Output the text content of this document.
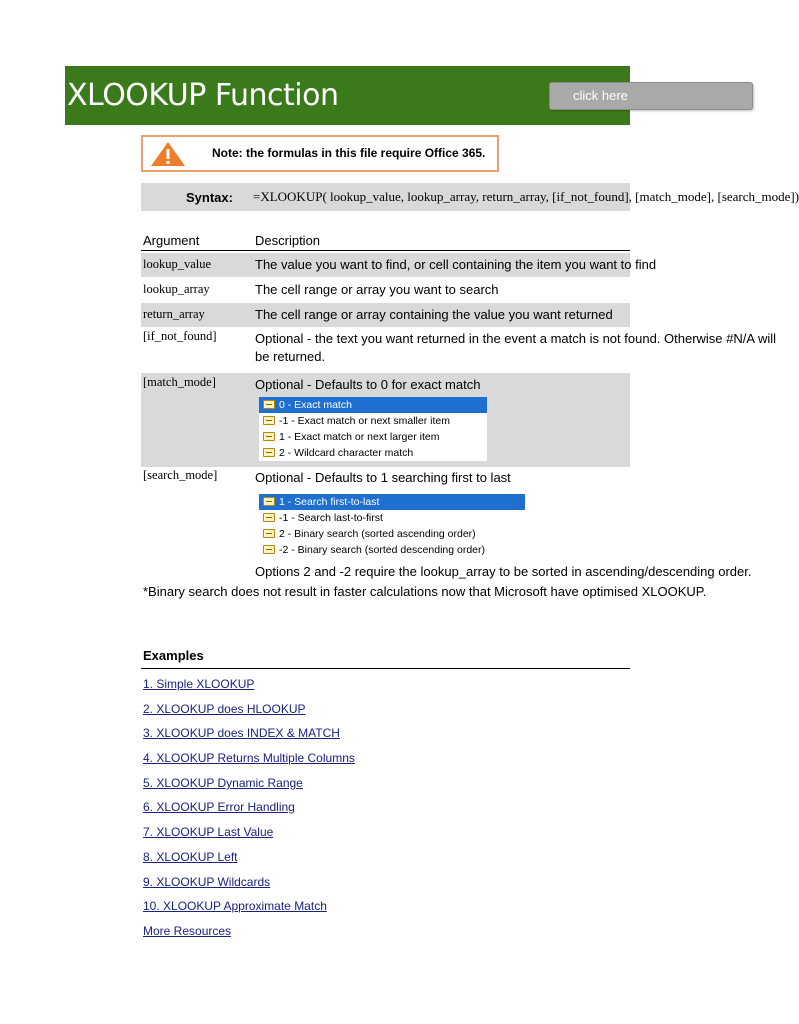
XLOOKUP Function
Note: the formulas in this file require Office 365.
Syntax: =XLOOKUP( lookup_value, lookup_array, return_array, [if_not_found], [match_mode], [search_mode])
Argument	Description
lookup_value	The value you want to find, or cell containing the item you want to find
lookup_array	The cell range or array you want to search
return_array	The cell range or array containing the value you want returned
[if_not_found]	Optional - the text you want returned in the event a match is not found. Otherwise #N/A will
be returned.
[match_mode]	Optional - Defaults to 0 for exact match
0 - Exact match
-1 - Exact match or next smaller item
1 - Exact match or next larger item
2 - Wildcard character match
[search_mode]	Optional - Defaults to 1 searching first to last
1 - Search first-to-last
-1 - Search last-to-first
2 - Binary search (sorted ascending order)
-2 - Binary search (sorted descending order)
Options 2 and -2 require the lookup_array to be sorted in ascending/descending order.
*Binary search does not result in faster calculations now that Microsoft have optimised XLOOKUP.
Examples
1. Simple XLOOKUP
2. XLOOKUP does HLOOKUP
3. XLOOKUP does INDEX & MATCH
4. XLOOKUP Returns Multiple Columns
5. XLOOKUP Dynamic Range
6. XLOOKUP Error Handling
7. XLOOKUP Last Value
8. XLOOKUP Left
9. XLOOKUP Wildcards
10. XLOOKUP Approximate Match
More Resources
click here
